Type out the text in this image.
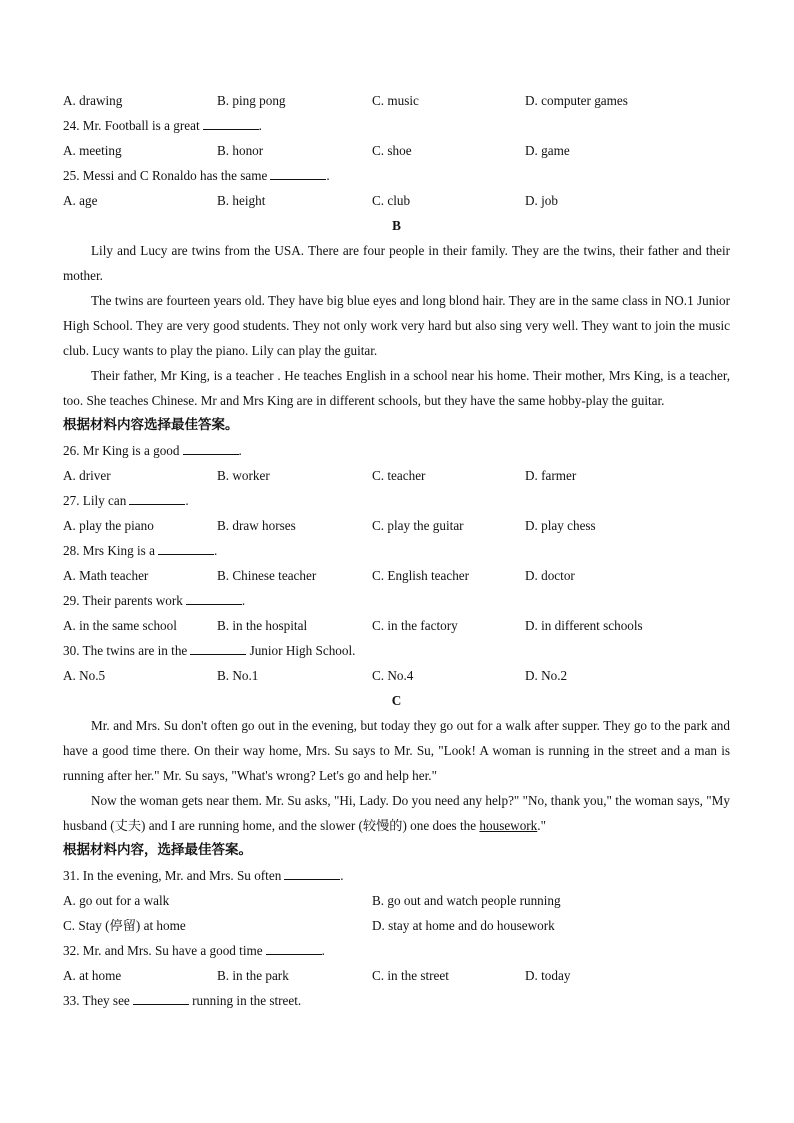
A. drawing	B. ping pong	C. music	D. computer games
24. Mr. Football is a great	.
A. meeting	B. honor	C. shoe	D. game
25. Messi and C Ronaldo has the same	.
A. age	B. height	C. club	D. job
B
Lily and Lucy are twins from the USA. There are four people in their family. They are the twins, their father and their mother.
The twins are fourteen years old. They have big blue eyes and long blond hair. They are in the same class in NO.1 Junior High School. They are very good students. They not only work very hard but also sing very well. They want to join the music club. Lucy wants to play the piano. Lily can play the guitar.
Their father, Mr King, is a teacher . He teaches English in a school near his home. Their mother, Mrs King, is a teacher, too. She teaches Chinese. Mr and Mrs King are in different schools, but they have the same hobby-play the guitar.
根据材料内容选择最佳答案。
26. Mr King is a good	.
A. driver	B. worker	C. teacher	D. farmer
27. Lily can	.
A. play the piano	B. draw horses	C. play the guitar	D. play chess
28. Mrs King is a	.
A. Math teacher	B. Chinese teacher	C. English teacher	D. doctor
29. Their parents work	.
A. in the same school	B. in the hospital	C. in the factory	D. in different schools
30. The twins are in the	Junior High School.
A. No.5	B. No.1	C. No.4	D. No.2
C
Mr. and Mrs. Su don't often go out in the evening, but today they go out for a walk after supper. They go to the park and have a good time there. On their way home, Mrs. Su says to Mr. Su, "Look! A woman is running in the street and a man is running after her." Mr. Su says, "What's wrong? Let's go and help her."
Now the woman gets near them. Mr. Su asks, "Hi, Lady. Do you need any help?" "No, thank you," the woman says, "My husband (丈夫) and I are running home, and the slower (较慢的) one does the housework."
根据材料内容，选择最佳答案。
31. In the evening, Mr. and Mrs. Su often	.
A. go out for a walk	B. go out and watch people running
C. Stay (停留) at home	D. stay at home and do housework
32. Mr. and Mrs. Su have a good time	.
A. at home	B. in the park	C. in the street	D. today
33. They see	running in the street.
